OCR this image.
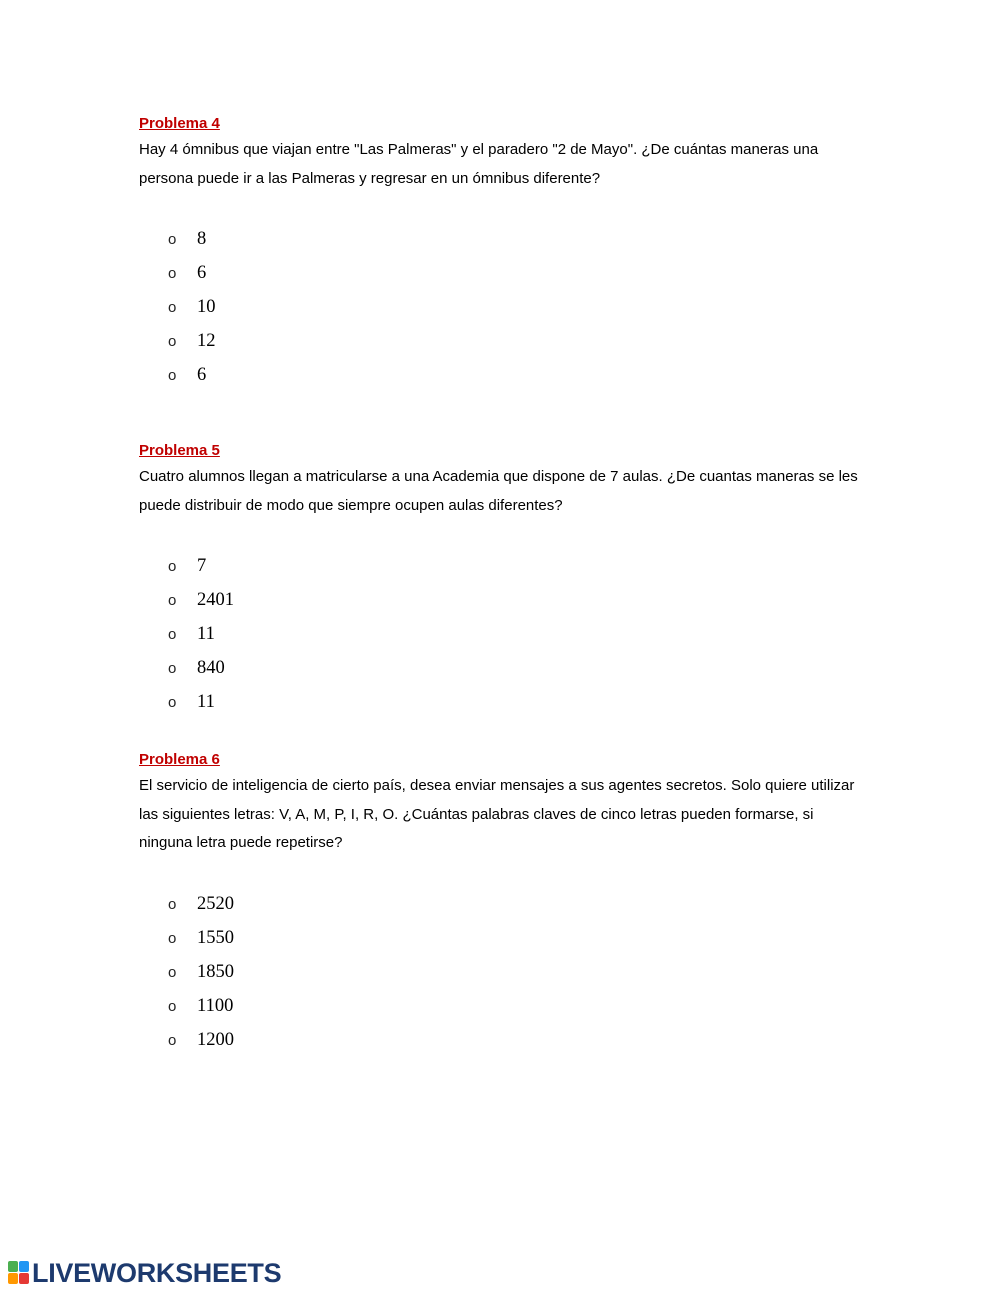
Problema 4

Hay 4 ómnibus que viajan entre "Las Palmeras" y el paradero "2 de Mayo". ¿De cuántas maneras una persona puede ir a las Palmeras y regresar en un ómnibus diferente?

o	8
o	6
o	10
o	12
o	6

Problema 5

Cuatro alumnos llegan a matricularse a una Academia que dispone de 7 aulas. ¿De cuantas maneras se les puede distribuir de modo que siempre ocupen aulas diferentes?

o	7
o	2401
o	11
o	840
o	11

Problema 6

El servicio de inteligencia de cierto país, desea enviar mensajes a sus agentes secretos. Solo quiere utilizar las siguientes letras: V, A, M, P, I, R, O. ¿Cuántas palabras claves de cinco letras pueden formarse, si ninguna letra puede repetirse?

o	2520
o	1550
o	1850
o	1100
o	1200
LIVEWORKSHEETS
